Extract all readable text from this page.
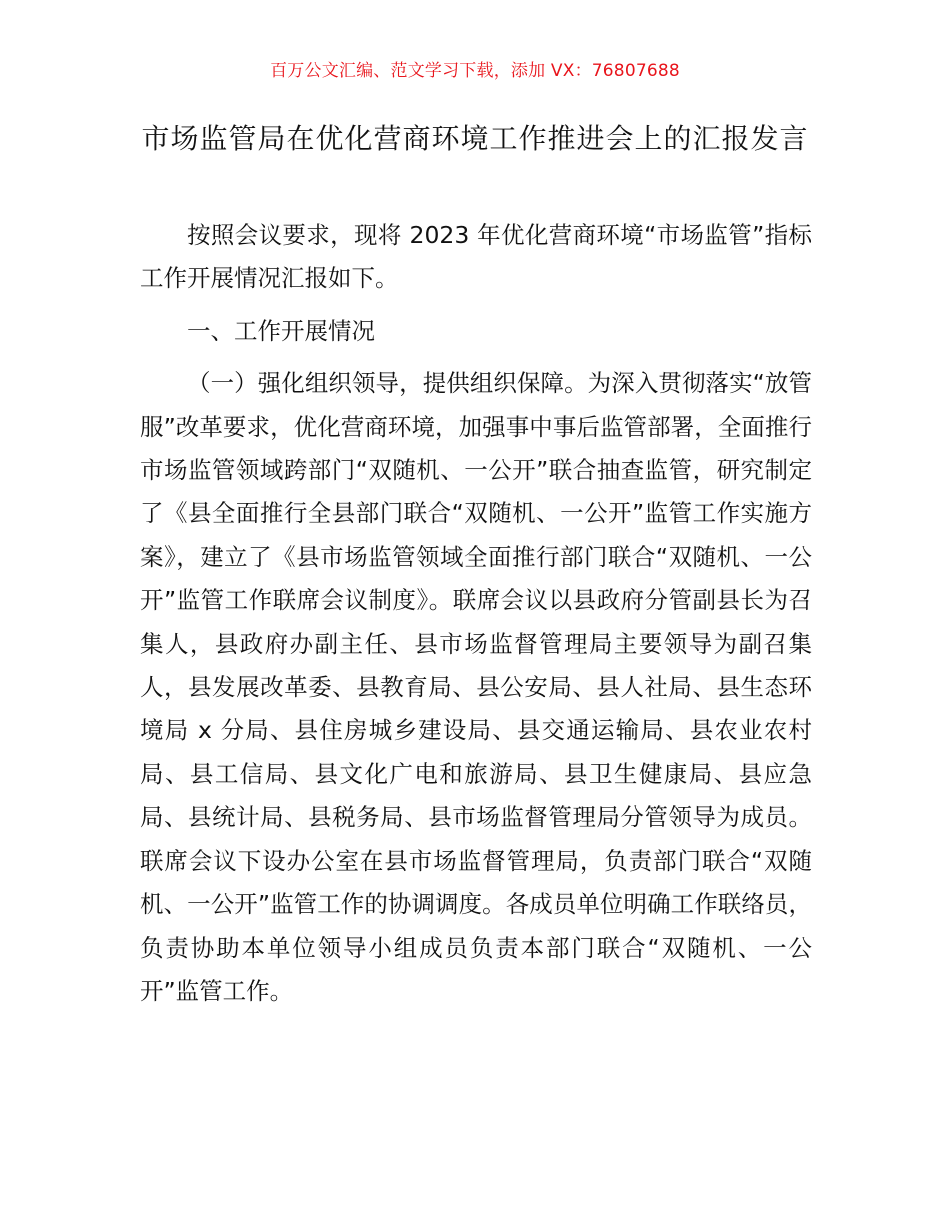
百万公文汇编、范文学习下载，添加 VX：76807688
市场监管局在优化营商环境工作推进会上的汇报发言

按照会议要求，现将 2023 年优化营商环境“市场监管”指标工作开展情况汇报如下。

一、工作开展情况

（一）强化组织领导，提供组织保障。为深入贯彻落实“放管服”改革要求，优化营商环境，加强事中事后监管部署，全面推行市场监管领域跨部门“双随机、一公开”联合抽查监管，研究制定了《县全面推行全县部门联合“双随机、一公开”监管工作实施方案》，建立了《县市场监管领域全面推行部门联合“双随机、一公开”监管工作联席会议制度》。联席会议以县政府分管副县长为召集人，县政府办副主任、县市场监督管理局主要领导为副召集人，县发展改革委、县教育局、县公安局、县人社局、县生态环境局 x 分局、县住房城乡建设局、县交通运输局、县农业农村局、县工信局、县文化广电和旅游局、县卫生健康局、县应急局、县统计局、县税务局、县市场监督管理局分管领导为成员。联席会议下设办公室在县市场监督管理局，负责部门联合“双随机、一公开”监管工作的协调调度。各成员单位明确工作联络员，负责协助本单位领导小组成员负责本部门联合“双随机、一公开”监管工作。
